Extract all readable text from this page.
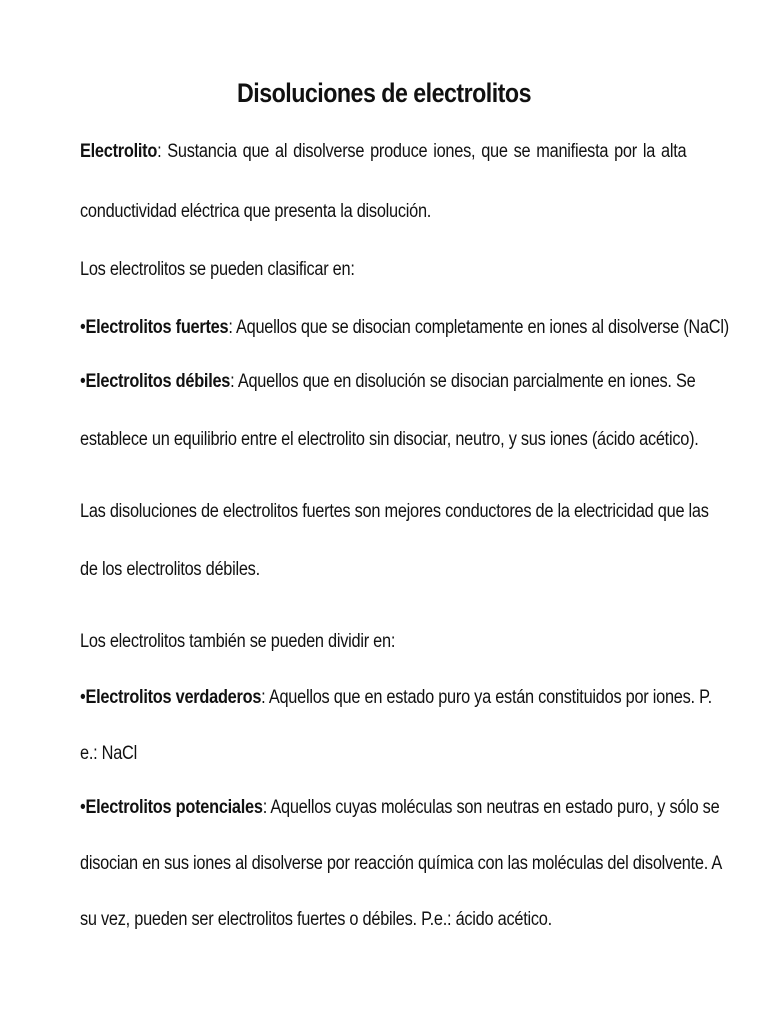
Disoluciones de electrolitos
Electrolito: Sustancia que al disolverse produce iones, que se manifiesta por la alta
conductividad eléctrica que presenta la disolución.
Los electrolitos se pueden clasificar en:
•Electrolitos fuertes: Aquellos que se disocian completamente en iones al disolverse (NaCl)
•Electrolitos débiles: Aquellos que en disolución se disocian parcialmente en iones. Se
establece un equilibrio entre el electrolito sin disociar, neutro, y sus iones (ácido acético).
Las disoluciones de electrolitos fuertes son mejores conductores de la electricidad que las
de los electrolitos débiles.
Los electrolitos también se pueden dividir en:
•Electrolitos verdaderos: Aquellos que en estado puro ya están constituidos por iones. P.
e.: NaCl
•Electrolitos potenciales: Aquellos cuyas moléculas son neutras en estado puro, y sólo se
disocian en sus iones al disolverse por reacción química con las moléculas del disolvente. A
su vez, pueden ser electrolitos fuertes o débiles. P.e.: ácido acético.
